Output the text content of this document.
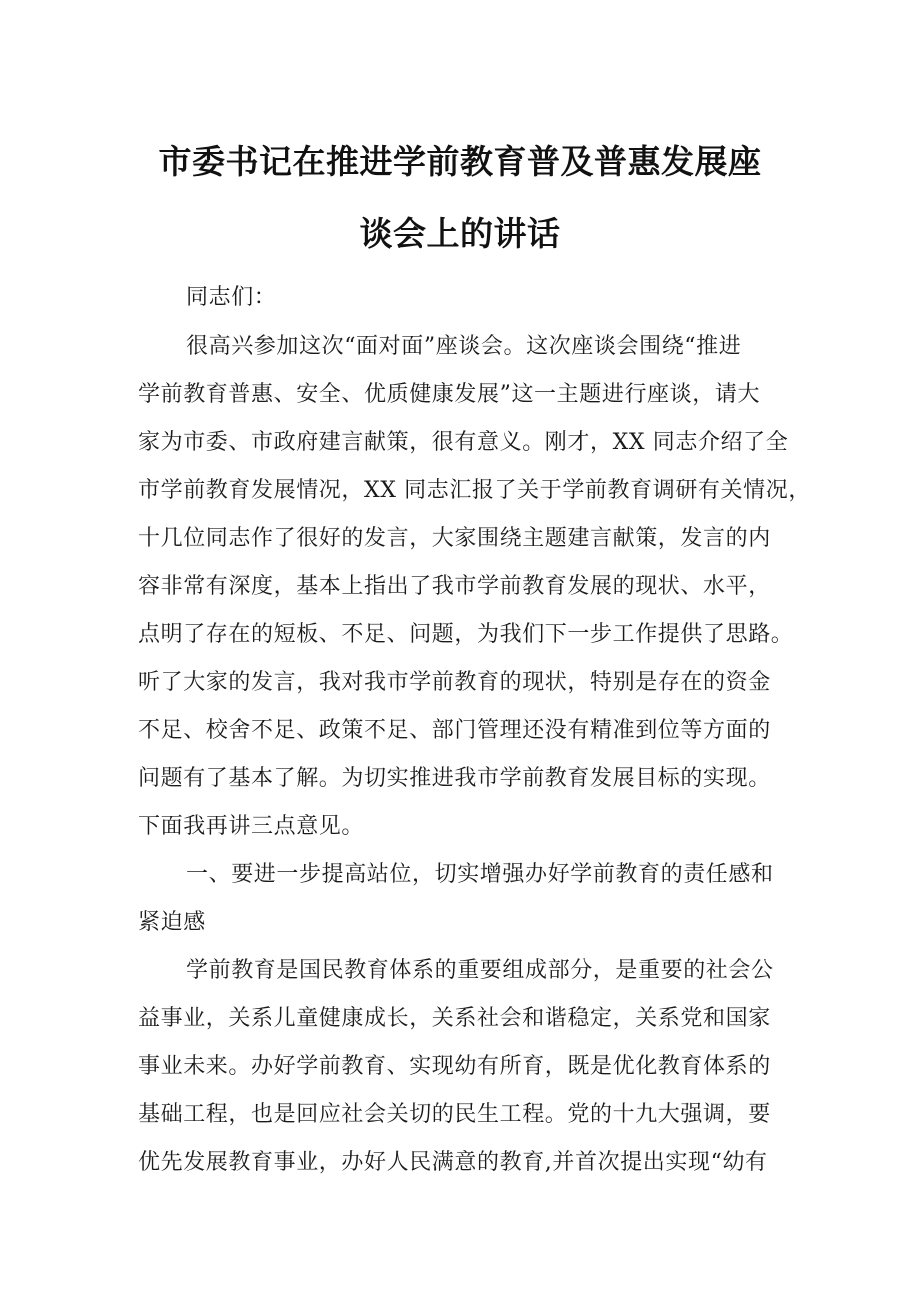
市委书记在推进学前教育普及普惠发展座
谈会上的讲话
同志们：
很高兴参加这次“面对面”座谈会。这次座谈会围绕“推进
学前教育普惠、安全、优质健康发展”这一主题进行座谈，请大
家为市委、市政府建言献策，很有意义。刚才，XX 同志介绍了全
市学前教育发展情况，XX 同志汇报了关于学前教育调研有关情况，
十几位同志作了很好的发言，大家围绕主题建言献策，发言的内
容非常有深度，基本上指出了我市学前教育发展的现状、水平，
点明了存在的短板、不足、问题，为我们下一步工作提供了思路。
听了大家的发言，我对我市学前教育的现状，特别是存在的资金
不足、校舍不足、政策不足、部门管理还没有精准到位等方面的
问题有了基本了解。为切实推进我市学前教育发展目标的实现。
下面我再讲三点意见。
一、要进一步提高站位，切实增强办好学前教育的责任感和
紧迫感
学前教育是国民教育体系的重要组成部分，是重要的社会公
益事业，关系儿童健康成长，关系社会和谐稳定，关系党和国家
事业未来。办好学前教育、实现幼有所育，既是优化教育体系的
基础工程，也是回应社会关切的民生工程。党的十九大强调，要
优先发展教育事业，办好人民满意的教育,并首次提出实现“幼有
